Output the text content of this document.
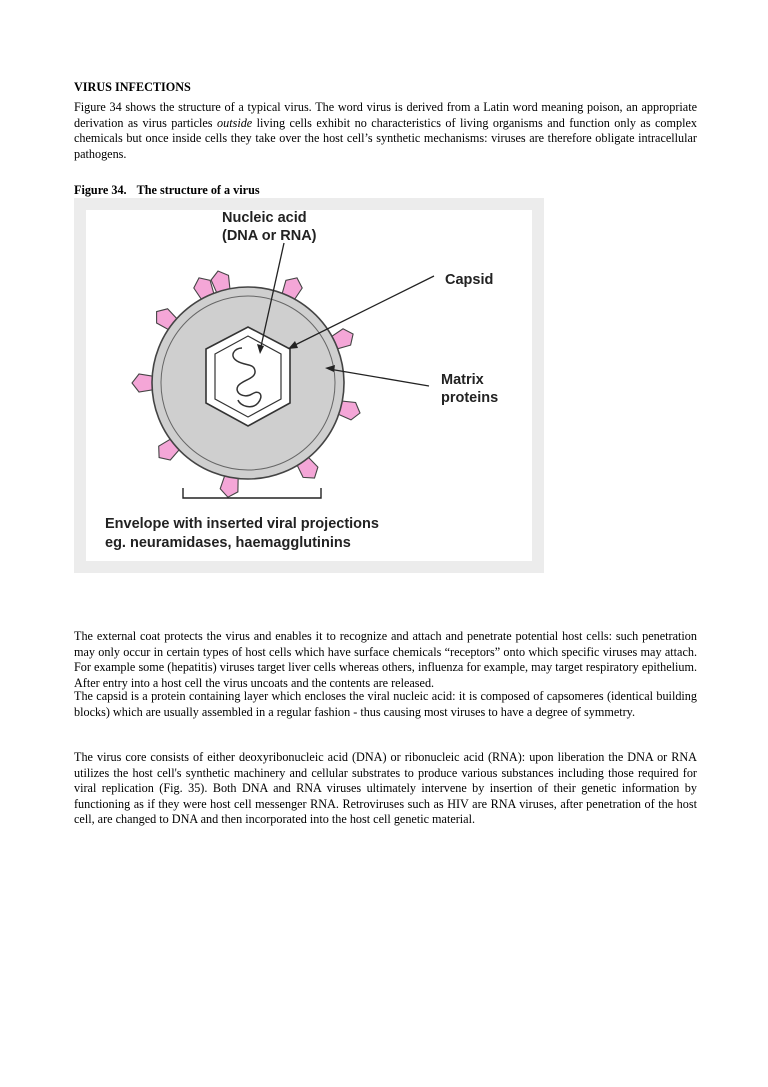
VIRUS INFECTIONS

Figure 34 shows the structure of a typical virus. The word virus is derived from a Latin word meaning poison, an appropriate derivation as virus particles outside living cells exhibit no characteristics of living organisms and function only as complex chemicals but once inside cells they take over the host cell’s synthetic mechanisms: viruses are therefore obligate intracellular pathogens.

Figure 34. The structure of a virus
Nucleic acid
(DNA or RNA)
Capsid
Matrix
proteins
Envelope with inserted viral projections
eg. neuramidases, haemagglutinins

The external coat protects the virus and enables it to recognize and attach and penetrate potential host cells: such penetration may only occur in certain types of host cells which have surface chemicals “receptors” onto which specific viruses may attach. For example some (hepatitis) viruses target liver cells whereas others, influenza for example, may target respiratory epithelium. After entry into a host cell the virus uncoats and the contents are released.

The capsid is a protein containing layer which encloses the viral nucleic acid: it is composed of capsomeres (identical building blocks) which are usually assembled in a regular fashion - thus causing most viruses to have a degree of symmetry.

The virus core consists of either deoxyribonucleic acid (DNA) or ribonucleic acid (RNA): upon liberation the DNA or RNA utilizes the host cell's synthetic machinery and cellular substrates to produce various substances including those required for viral replication (Fig. 35). Both DNA and RNA viruses ultimately intervene by insertion of their genetic information by functioning as if they were host cell messenger RNA. Retroviruses such as HIV are RNA viruses, after penetration of the host cell, are changed to DNA and then incorporated into the host cell genetic material.
